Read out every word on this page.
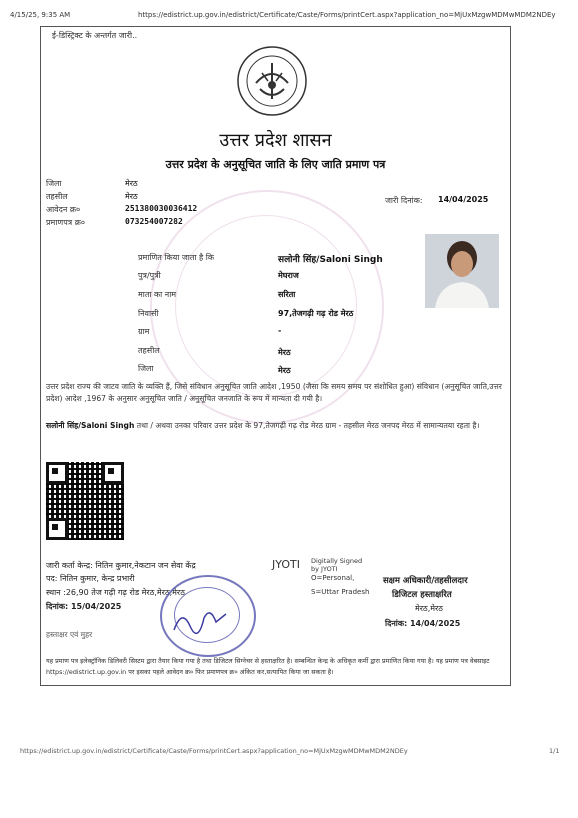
4/15/25, 9:35 AM	https://edistrict.up.gov.in/edistrict/Certificate/Caste/Forms/printCert.aspx?application_no=MjUxMzgwMDMwMDM2NDEy
ई-डिस्ट्रिक्ट के अन्तर्गत जारी..
उत्तर प्रदेश शासन
उत्तर प्रदेश के अनुसूचित जाति के लिए जाति प्रमाण पत्र
जिला	मेरठ
तहसील	मेरठ
आवेदन क्र०	251380030036412
प्रमाणपत्र क्र०	073254007282
जारी दिनांक: 14/04/2025
प्रमाणित किया जाता है कि	सलोनी सिंह/Saloni Singh
पुत्र/पुत्री	मेघराज
माता का नाम	सरिता
निवासी	97,तेजगढ़ी गढ़ रोड मेरठ
ग्राम	-
तहसील	मेरठ
जिला	मेरठ
उत्तर प्रदेश राज्य की जाटव जाति के व्यक्ति हैं, जिसे संविधान अनुसूचित जाति आदेश ,1950 (जैसा कि समय समय पर संशोधित हुआ) संविधान (अनुसूचित जाति,उत्तर प्रदेश) आदेश ,1967 के अनुसार अनुसूचित जाति / अनुसूचित जनजाति के रूप में मान्यता दी गयी है।
सलोनी सिंह/Saloni Singh तथा / अथवा उनका परिवार उत्तर प्रदेश के 97,तेजगढ़ी गढ़ रोड मेरठ ग्राम - तहसील मेरठ जनपद मेरठ में सामान्यतया रहता है।
जारी कर्ता केन्द्र: नितिन कुमार,नेकटान जन सेवा केंद्र
पद: नितिन कुमार, केन्द्र प्रभारी
स्थान :26,90 तेज गढ़ी गढ़ रोड मेरठ,मेरठ,मेरठ
दिनांक: 15/04/2025
हस्ताक्षर एवं मुहर
JYOTI Digitally Signed
by JYOTI
O=Personal,
S=Uttar Pradesh
सक्षम अधिकारी/तहसीलदार
डिजिटल हस्ताक्षरित
मेरठ,मेरठ
दिनांक: 14/04/2025
यह प्रमाण पत्र इलेक्ट्रॉनिक डिलिवरी सिस्टम द्वारा तैयार किया गया है तथा डिजिटल सिग्नेचर से हस्ताक्षरित है। सम्बन्धित केन्द्र के अधिकृत कर्मी द्वारा प्रमाणित किया गया है। यह प्रमाण पत्र वेबसाइट https://edistrict.up.gov.in पर इसका पहले आवेदन क्र० फिर प्रमाणपत्र क्र० अंकित कर,सत्यापित किया जा सकता है।
https://edistrict.up.gov.in/edistrict/Certificate/Caste/Forms/printCert.aspx?application_no=MjUxMzgwMDMwMDM2NDEy	1/1
